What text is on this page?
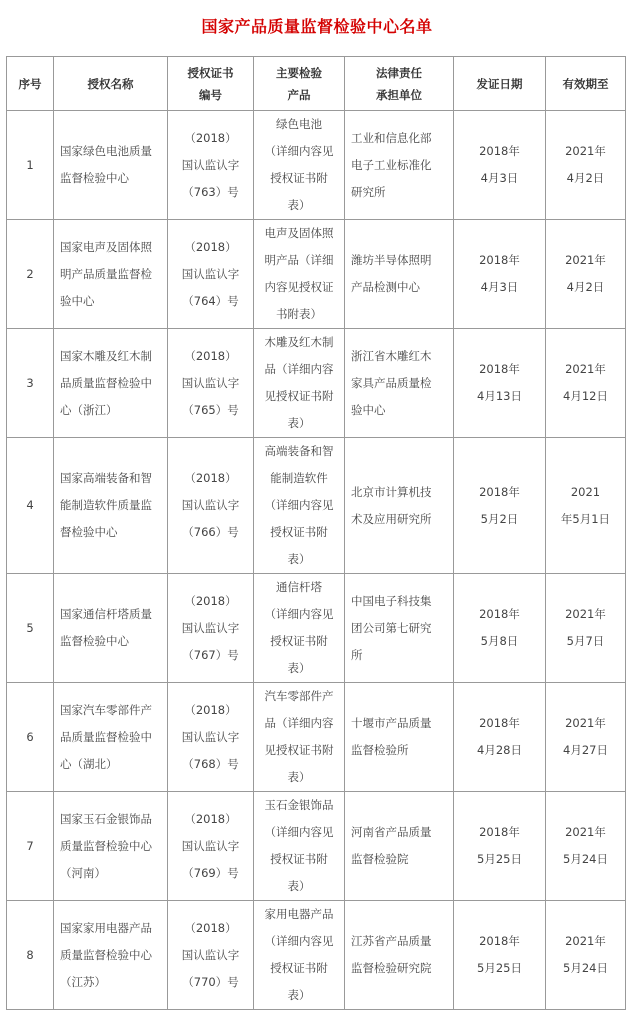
国家产品质量监督检验中心名单
序号	授权名称	授权证书
编号	主要检验
产品	法律责任
承担单位	发证日期	有效期至
1	国家绿色电池质量
监督检验中心	（2018）
国认监认字
（763）号	绿色电池
（详细内容见
授权证书附
表）	工业和信息化部
电子工业标准化
研究所	2018年
4月3日	2021年
4月2日
2	国家电声及固体照
明产品质量监督检
验中心	（2018）
国认监认字
（764）号	电声及固体照
明产品（详细
内容见授权证
书附表）	潍坊半导体照明
产品检测中心	2018年
4月3日	2021年
4月2日
3	国家木雕及红木制
品质量监督检验中
心（浙江）	（2018）
国认监认字
（765）号	木雕及红木制
品（详细内容
见授权证书附
表）	浙江省木雕红木
家具产品质量检
验中心	2018年
4月13日	2021年
4月12日
4	国家高端装备和智
能制造软件质量监
督检验中心	（2018）
国认监认字
（766）号	高端装备和智
能制造软件
（详细内容见
授权证书附
表）	北京市计算机技
术及应用研究所	2018年
5月2日	2021
年5月1日
5	国家通信杆塔质量
监督检验中心	（2018）
国认监认字
（767）号	通信杆塔
（详细内容见
授权证书附
表）	中国电子科技集
团公司第七研究
所	2018年
5月8日	2021年
5月7日
6	国家汽车零部件产
品质量监督检验中
心（湖北）	（2018）
国认监认字
（768）号	汽车零部件产
品（详细内容
见授权证书附
表）	十堰市产品质量
监督检验所	2018年
4月28日	2021年
4月27日
7	国家玉石金银饰品
质量监督检验中心
（河南）	（2018）
国认监认字
（769）号	玉石金银饰品
（详细内容见
授权证书附
表）	河南省产品质量
监督检验院	2018年
5月25日	2021年
5月24日
8	国家家用电器产品
质量监督检验中心
（江苏）	（2018）
国认监认字
（770）号	家用电器产品
（详细内容见
授权证书附
表）	江苏省产品质量
监督检验研究院	2018年
5月25日	2021年
5月24日
